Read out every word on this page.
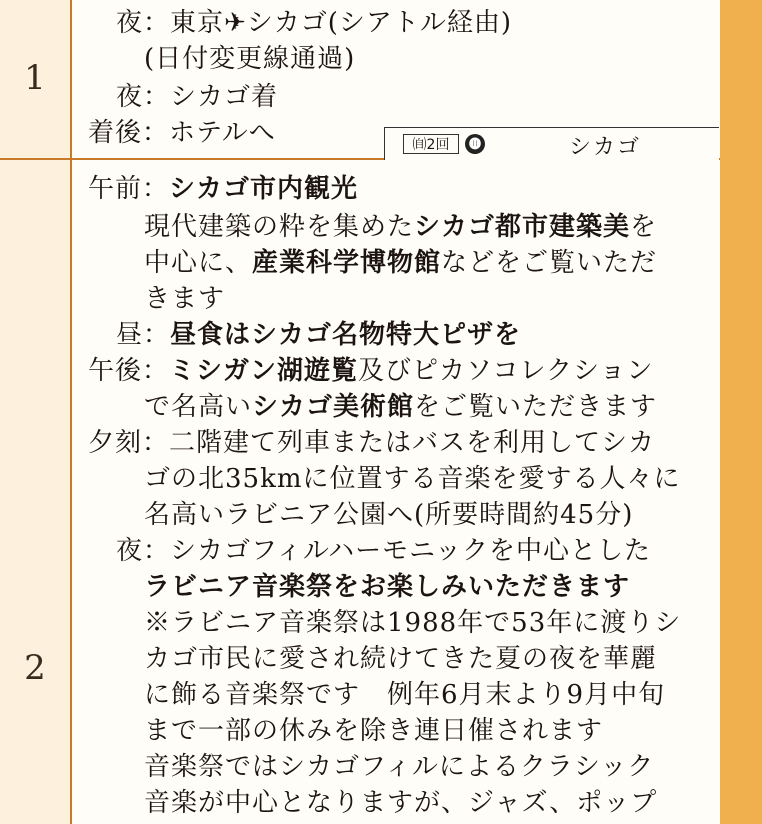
1
夜：東京✈シカゴ(シアトル経由)
(日付変更線通過)
夜：シカゴ着
着後：ホテルへ	㉂2回	⓫	シカゴ
2
午前：シカゴ市内観光
現代建築の粋を集めたシカゴ都市建築美を
中心に、産業科学博物館などをご覧いただ
きます
昼：昼食はシカゴ名物特大ピザを
午後：ミシガン湖遊覧及びピカソコレクション
で名高いシカゴ美術館をご覧いただきます
夕刻：二階建て列車またはバスを利用してシカ
ゴの北35kmに位置する音楽を愛する人々に
名高いラビニア公園へ(所要時間約45分)
夜：シカゴフィルハーモニックを中心とした
ラビニア音楽祭をお楽しみいただきます
※ラビニア音楽祭は1988年で53年に渡りシ
カゴ市民に愛され続けてきた夏の夜を華麗
に飾る音楽祭です　例年6月末より9月中旬
まで一部の休みを除き連日催されます
音楽祭ではシカゴフィルによるクラシック
音楽が中心となりますが、ジャズ、ポップ
